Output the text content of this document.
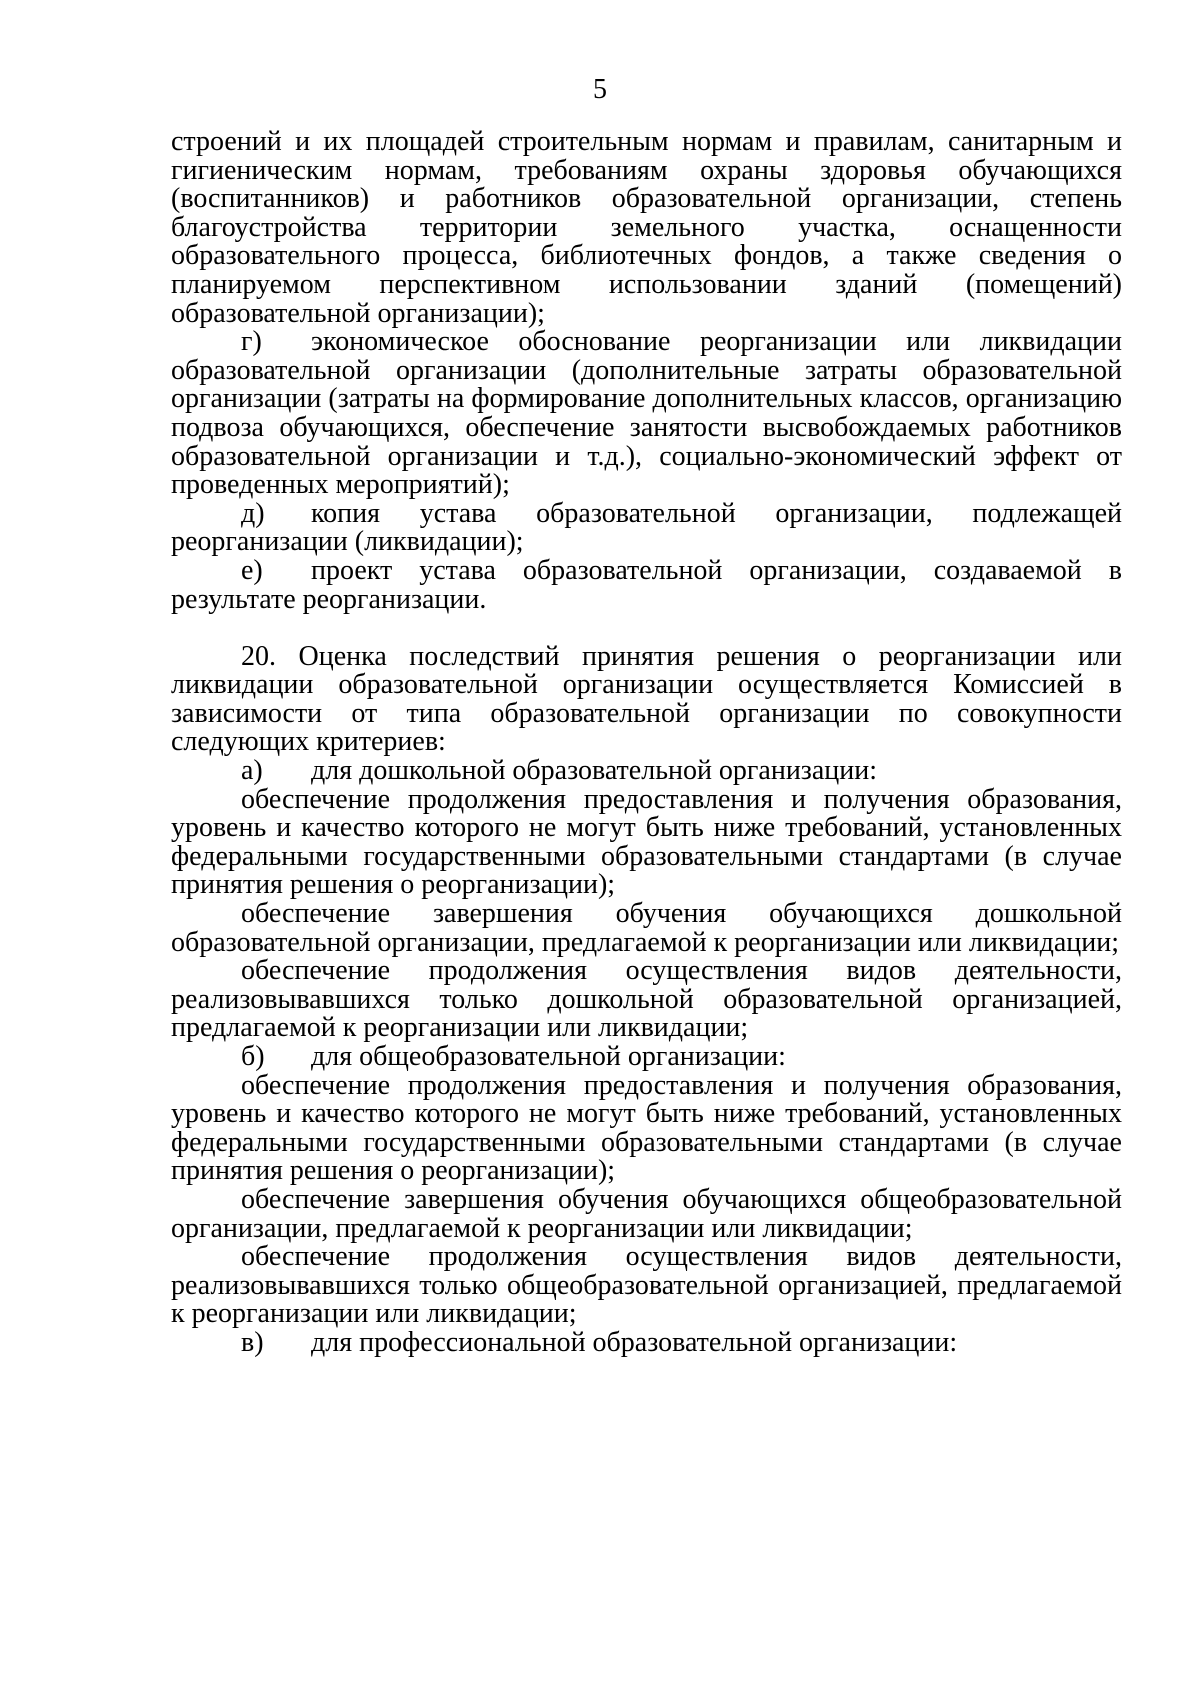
5

строений и их площадей строительным нормам и правилам, санитарным и гигиеническим нормам, требованиям охраны здоровья обучающихся (воспитанников) и работников образовательной организации, степень благоустройства территории земельного участка, оснащенности образовательного процесса, библиотечных фондов, а также сведения о планируемом перспективном использовании зданий (помещений) образовательной организации);

г) экономическое обоснование реорганизации или ликвидации образовательной организации (дополнительные затраты образовательной организации (затраты на формирование дополнительных классов, организацию подвоза обучающихся, обеспечение занятости высвобождаемых работников образовательной организации и т.д.), социально-экономический эффект от проведенных мероприятий);

д) копия устава образовательной организации, подлежащей реорганизации (ликвидации);

е) проект устава образовательной организации, создаваемой в результате реорганизации.

20. Оценка последствий принятия решения о реорганизации или ликвидации образовательной организации осуществляется Комиссией в зависимости от типа образовательной организации по совокупности следующих критериев:

а) для дошкольной образовательной организации:

обеспечение продолжения предоставления и получения образования, уровень и качество которого не могут быть ниже требований, установленных федеральными государственными образовательными стандартами (в случае принятия решения о реорганизации);

обеспечение завершения обучения обучающихся дошкольной образовательной организации, предлагаемой к реорганизации или ликвидации;

обеспечение продолжения осуществления видов деятельности, реализовывавшихся только дошкольной образовательной организацией, предлагаемой к реорганизации или ликвидации;

б) для общеобразовательной организации:

обеспечение продолжения предоставления и получения образования, уровень и качество которого не могут быть ниже требований, установленных федеральными государственными образовательными стандартами (в случае принятия решения о реорганизации);

обеспечение завершения обучения обучающихся общеобразовательной организации, предлагаемой к реорганизации или ликвидации;

обеспечение продолжения осуществления видов деятельности, реализовывавшихся только общеобразовательной организацией, предлагаемой к реорганизации или ликвидации;

в) для профессиональной образовательной организации:
